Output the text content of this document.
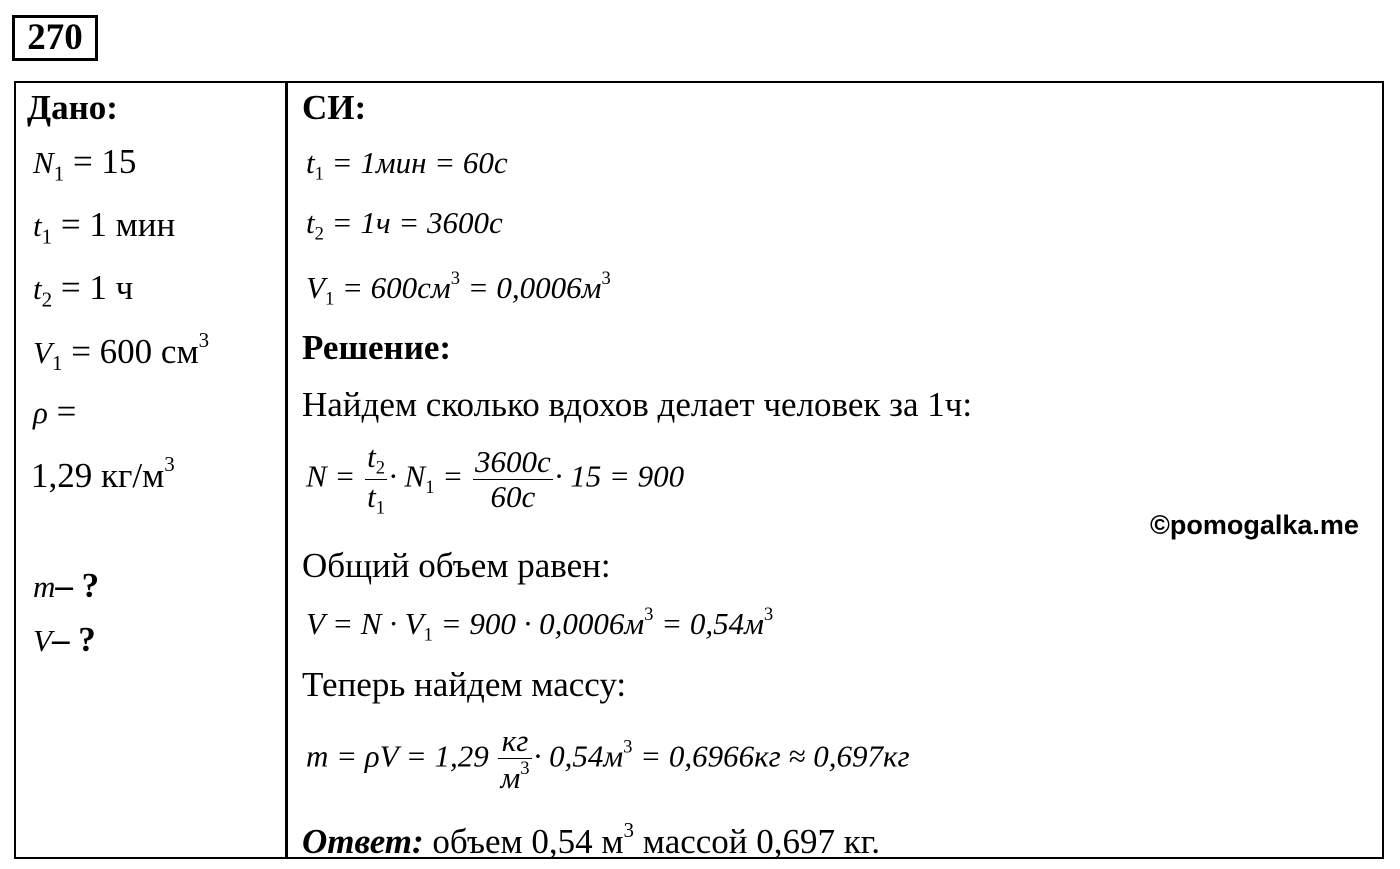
270
Дано:
$N_1 = 15$
$t_1 = 1$ мин
$t_2 = 1$ ч
$V_1 = 600$ $см^3$
ρ =
1,29 $кг/м^3$
m– ?
V– ?
СИ:
$t_1 = 1мин = 60с$
$t_2 = 1ч = 3600с$
$V_1 = 600см^3 = 0,0006м^3$
Решение:
Найдем сколько вдохов делает человек за 1ч:
$N = \frac{t_2}{t_1} \cdot N_1 = \frac{3600с}{60с} \cdot 15 = 900$
Общий объем равен:
$V = N \cdot V_1 = 900 \cdot 0,0006м^3 = 0,54м^3$
Теперь найдем массу:
$m = \rho V = 1,29 \frac{кг}{м^3} \cdot 0,54м^3 = 0,6966кг \approx 0,697кг$
Ответ: объем 0,54 $м^3$ массой 0,697 кг.
©pomogalka.me
